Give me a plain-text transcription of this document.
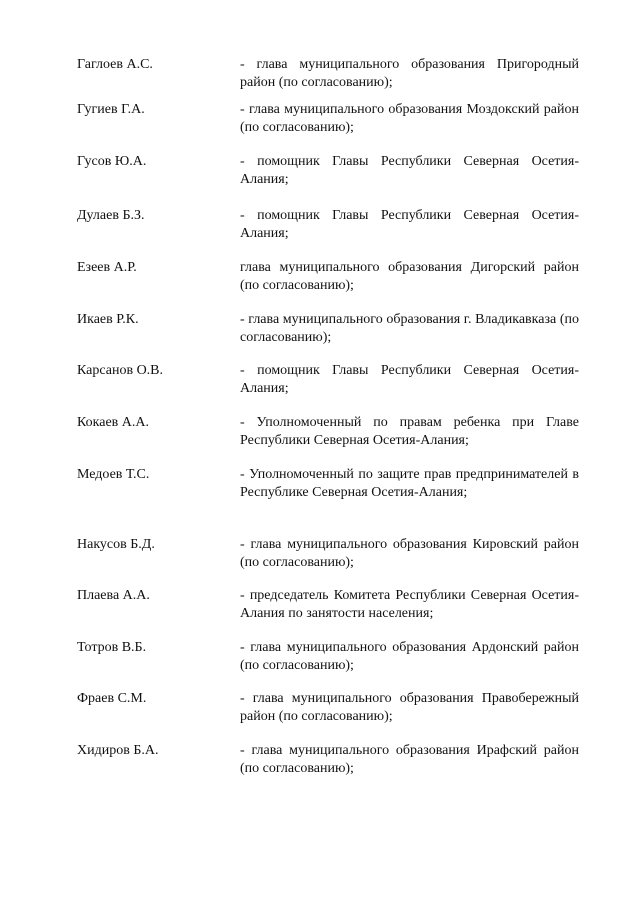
Гаглоев А.С.	- глава муниципального образования Пригородный район (по согласованию);
Гугиев Г.А.	- глава муниципального образования Моздокский район (по согласованию);
Гусов Ю.А.	- помощник Главы Республики Северная Осетия-Алания;
Дулаев Б.З.	- помощник Главы Республики Северная Осетия-Алания;
Езеев А.Р.	глава муниципального образования Дигорский район (по согласованию);
Икаев Р.К.	- глава муниципального образования г. Владикавказа (по согласованию);
Карсанов О.В.	- помощник Главы Республики Северная Осетия-Алания;
Кокаев А.А.	- Уполномоченный по правам ребенка при Главе Республики Северная Осетия-Алания;
Медоев Т.С.	- Уполномоченный по защите прав предпринимателей в Республике Северная Осетия-Алания;
Накусов Б.Д.	- глава муниципального образования Кировский район (по согласованию);
Плаева А.А.	- председатель Комитета Республики Северная Осетия-Алания по занятости населения;
Тотров В.Б.	- глава муниципального образования Ардонский район (по согласованию);
Фраев С.М.	- глава муниципального образования Правобережный район (по согласованию);
Хидиров Б.А.	- глава муниципального образования Ирафский район (по согласованию);
